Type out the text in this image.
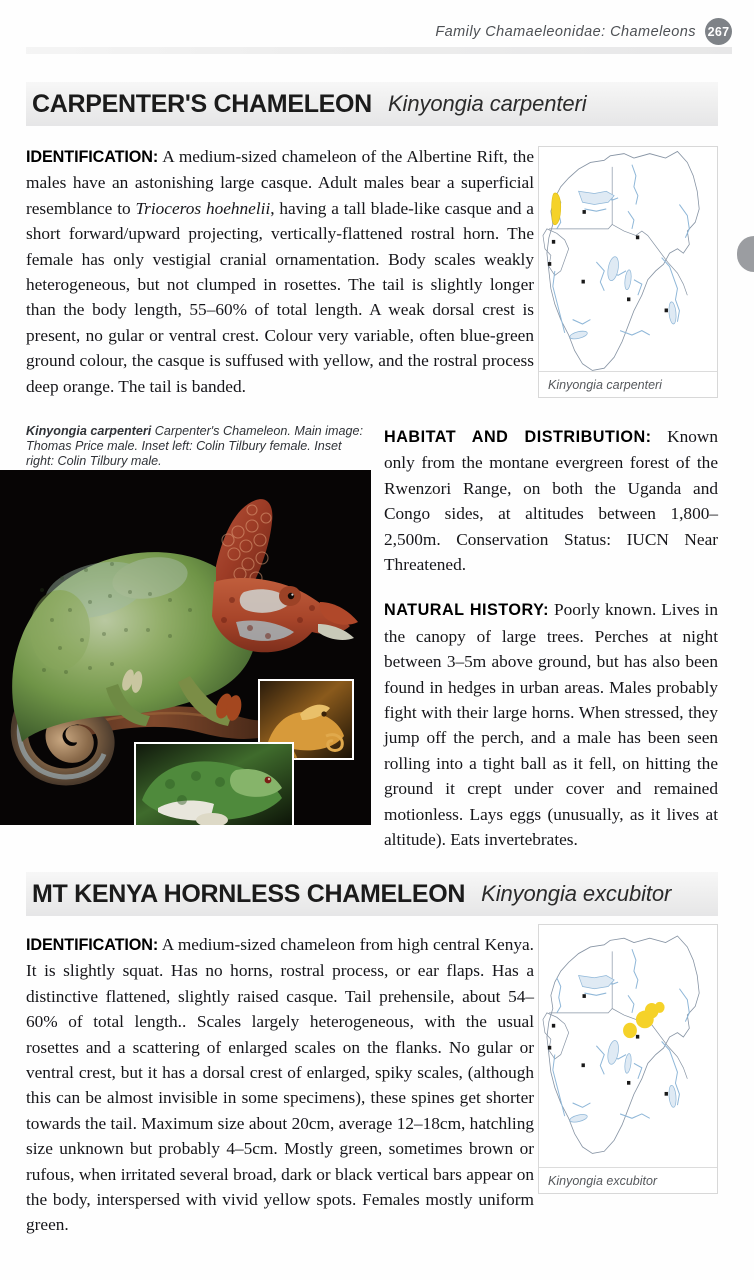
Family Chamaeleonidae: Chameleons 267
CARPENTER'S CHAMELEON Kinyongia carpenteri

IDENTIFICATION: A medium-sized chameleon of the Albertine Rift, the males have an astonishing large casque. Adult males bear a superficial resemblance to Trioceros hoehnelii, having a tall blade-like casque and a short forward/upward projecting, vertically-flattened rostral horn. The female has only vestigial cranial ornamentation. Body scales weakly heterogeneous, but not clumped in rosettes. The tail is slightly longer than the body length, 55–60% of total length. A weak dorsal crest is present, no gular or ventral crest. Colour very variable, often blue-green ground colour, the casque is suffused with yellow, and the rostral process deep orange. The tail is banded.	Kinyongia carpenteri
Kinyongia carpenteri Carpenter's Chameleon. Main image: Thomas Price male. Inset left: Colin Tilbury female. Inset right: Colin Tilbury male.

HABITAT AND DISTRIBUTION: Known only from the montane evergreen forest of the Rwenzori Range, on both the Uganda and Congo sides, at altitudes between 1,800–2,500m. Conservation Status: IUCN Near Threatened.

NATURAL HISTORY: Poorly known. Lives in the canopy of large trees. Perches at night between 3–5m above ground, but has also been found in hedges in urban areas. Males probably fight with their large horns. When stressed, they jump off the perch, and a male has been seen rolling into a tight ball as it fell, on hitting the ground it crept under cover and remained motionless. Lays eggs (unusually, as it lives at altitude). Eats invertebrates.

MT KENYA HORNLESS CHAMELEON Kinyongia excubitor

IDENTIFICATION: A medium-sized chameleon from high central Kenya. It is slightly squat. Has no horns, rostral process, or ear flaps. Has a distinctive flattened, slightly raised casque. Tail prehensile, about 54–60% of total length.. Scales largely heterogeneous, with the usual rosettes and a scattering of enlarged scales on the flanks. No gular or ventral crest, but it has a dorsal crest of enlarged, spiky scales, (although this can be almost invisible in some specimens), these spines get shorter towards the tail. Maximum size about 20cm, average 12–18cm, hatchling size unknown but probably 4–5cm. Mostly green, sometimes brown or rufous, when irritated several broad, dark or black vertical bars appear on the body, interspersed with vivid yellow spots. Females mostly uniform green.

Kinyongia excubitor
